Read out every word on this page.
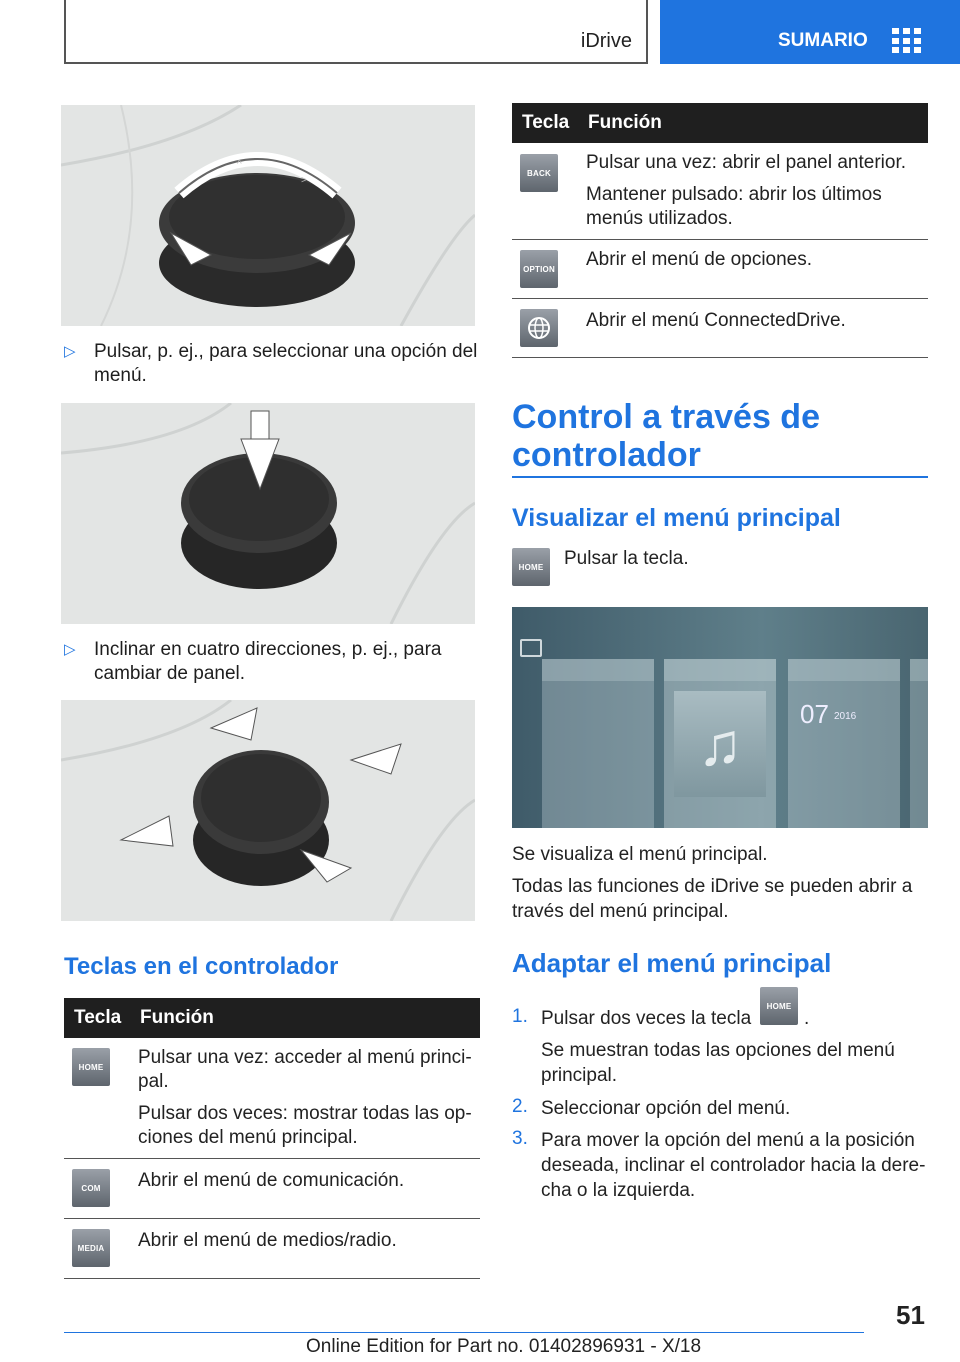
iDrive	SUMARIO
^
>
▷ Pulsar, p. ej., para seleccionar una opción del menú.
▷ Inclinar en cuatro direcciones, p. ej., para cambiar de panel.
Teclas en el controlador
Tecla Función
HOME	Pulsar una vez: acceder al menú princi-pal.

Pulsar dos veces: mostrar todas las op-ciones del menú principal.

COM	Abrir el menú de comunicación.
MEDIA Abrir el menú de medios/radio.
Tecla Función
BACK	Pulsar una vez: abrir el panel anterior.

Mantener pulsado: abrir los últimos menús utilizados.

OPTION Abrir el menú de opciones.
Abrir el menú ConnectedDrive.
Control a través de controlador
Visualizar el menú principal
HOME	Pulsar la tecla.
♫	07 2016
Se visualiza el menú principal.
Todas las funciones de iDrive se pueden abrir a través del menú principal.
Adaptar el menú principal
1. Pulsar dos veces la tecla
HOME
.
Se muestran todas las opciones del menú principal.
2. Seleccionar opción del menú.
3. Para mover la opción del menú a la posición deseada, inclinar el controlador hacia la dere-cha o la izquierda.
51
Online Edition for Part no. 01402896931 - X/18
